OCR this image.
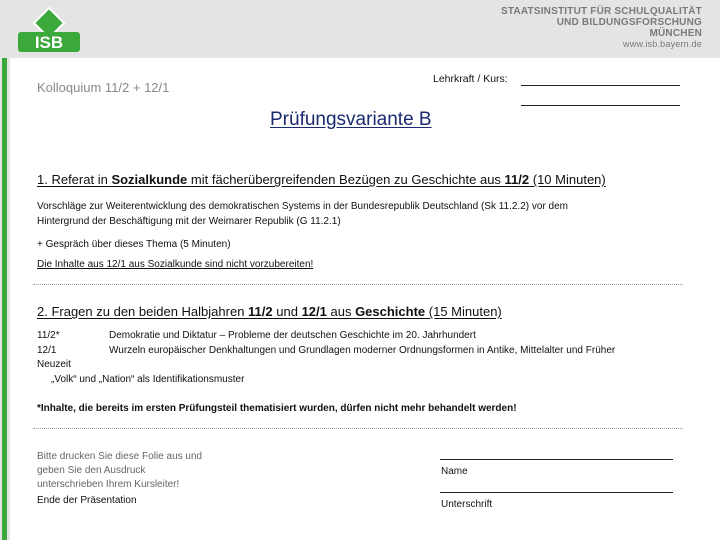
ISB
STAATSINSTITUT FÜR SCHULQUALITÄT
UND BILDUNGSFORSCHUNG
MÜNCHEN
www.isb.bayern.de
Kolloquium 11/2 + 12/1
Lehrkraft / Kurs:
Prüfungsvariante B
1. Referat in Sozialkunde mit fächerübergreifenden Bezügen zu Geschichte aus 11/2 (10 Minuten)
Vorschläge zur Weiterentwicklung des demokratischen Systems in der Bundesrepublik Deutschland (Sk 11.2.2) vor dem
Hintergrund der Beschäftigung mit der Weimarer Republik (G 11.2.1)
+ Gespräch über dieses Thema (5 Minuten)
Die Inhalte aus 12/1 aus Sozialkunde sind nicht vorzubereiten!
2. Fragen zu den beiden Halbjahren 11/2 und 12/1 aus Geschichte (15 Minuten)
11/2*	Demokratie und Diktatur – Probleme der deutschen Geschichte im 20. Jahrhundert
12/1	Wurzeln europäischer Denkhaltungen und Grundlagen moderner Ordnungsformen in Antike, Mittelalter und Früher
Neuzeit
„Volk“ und „Nation“ als Identifikationsmuster
*Inhalte, die bereits im ersten Prüfungsteil thematisiert wurden, dürfen nicht mehr behandelt werden!
Bitte drucken Sie diese Folie aus und
geben Sie den Ausdruck
unterschrieben Ihrem Kursleiter!
Ende der Präsentation
Name
Unterschrift
